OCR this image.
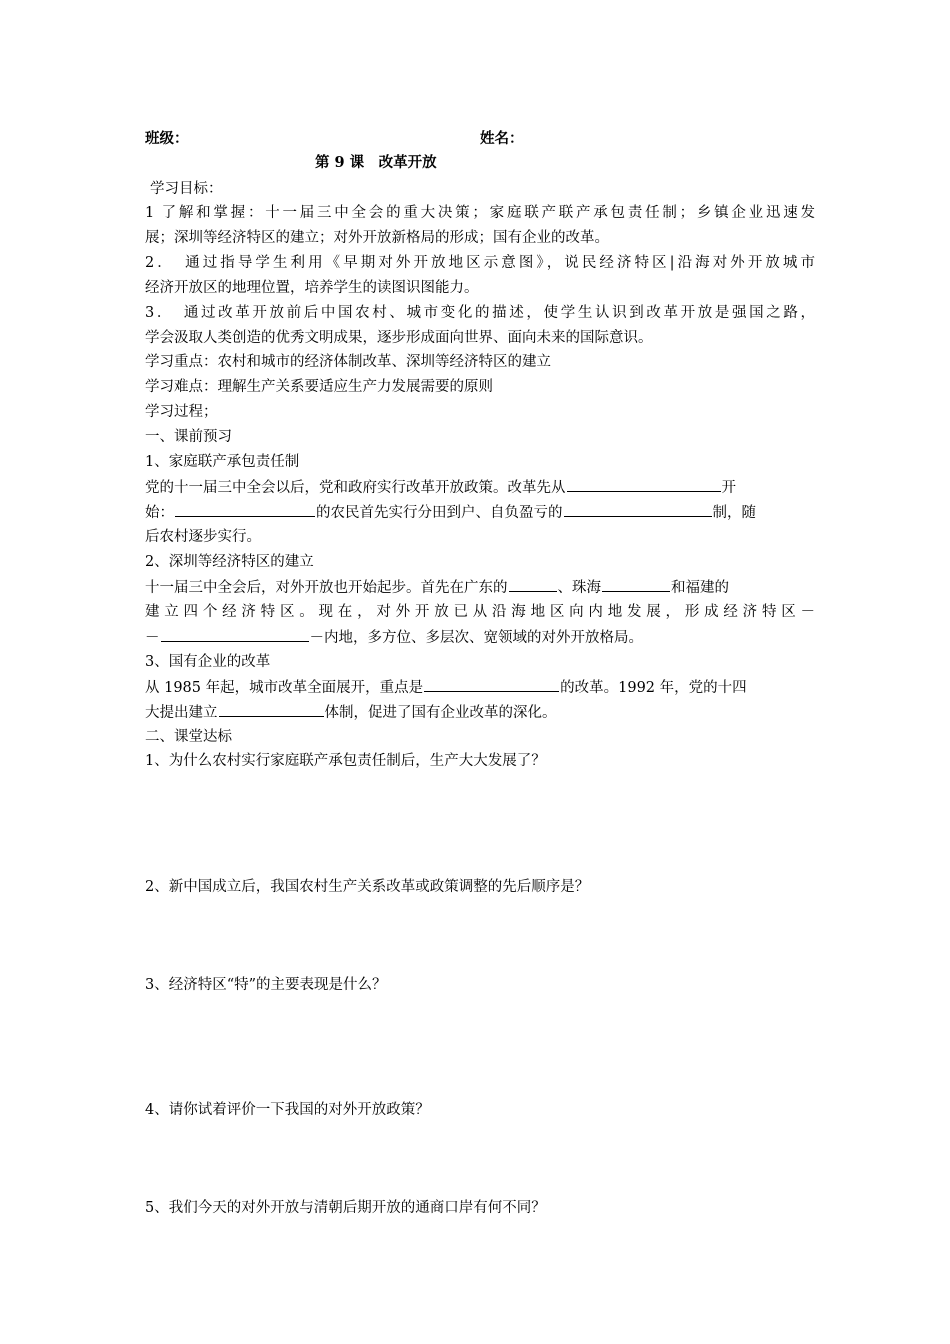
班级：	姓名：
第 9 课　改革开放
学习目标：
1 了解和掌握：十一届三中全会的重大决策；家庭联产联产承包责任制；乡镇企业迅速发
展；深圳等经济特区的建立；对外开放新格局的形成；国有企业的改革。
2．　通过指导学生利用《早期对外开放地区示意图》，说民经济特区|沿海对外开放城市
经济开放区的地理位置，培养学生的读图识图能力。
3．　通过改革开放前后中国农村、城市变化的描述，使学生认识到改革开放是强国之路，
学会汲取人类创造的优秀文明成果，逐步形成面向世界、面向未来的国际意识。
学习重点：农村和城市的经济体制改革、深圳等经济特区的建立
学习难点：理解生产关系要适应生产力发展需要的原则
学习过程；
一、课前预习
1、家庭联产承包责任制
党的十一届三中全会以后，党和政府实行改革开放政策。改革先从	开
始：	的农民首先实行分田到户、自负盈亏的	制，随
后农村逐步实行。
2、深圳等经济特区的建立
十一届三中全会后，对外开放也开始起步。首先在广东的	、珠海	和福建的
建立四个经济特区。现在，对外开放已从沿海地区向内地发展，形成经济特区－
－	－内地，多方位、多层次、宽领域的对外开放格局。
3、国有企业的改革
从 1985 年起，城市改革全面展开，重点是	的改革。1992 年，党的十四
大提出建立	体制，促进了国有企业改革的深化。
二、课堂达标
1、为什么农村实行家庭联产承包责任制后，生产大大发展了？
2、新中国成立后，我国农村生产关系改革或政策调整的先后顺序是？
3、经济特区“特”的主要表现是什么？
4、请你试着评价一下我国的对外开放政策？
5、我们今天的对外开放与清朝后期开放的通商口岸有何不同？
